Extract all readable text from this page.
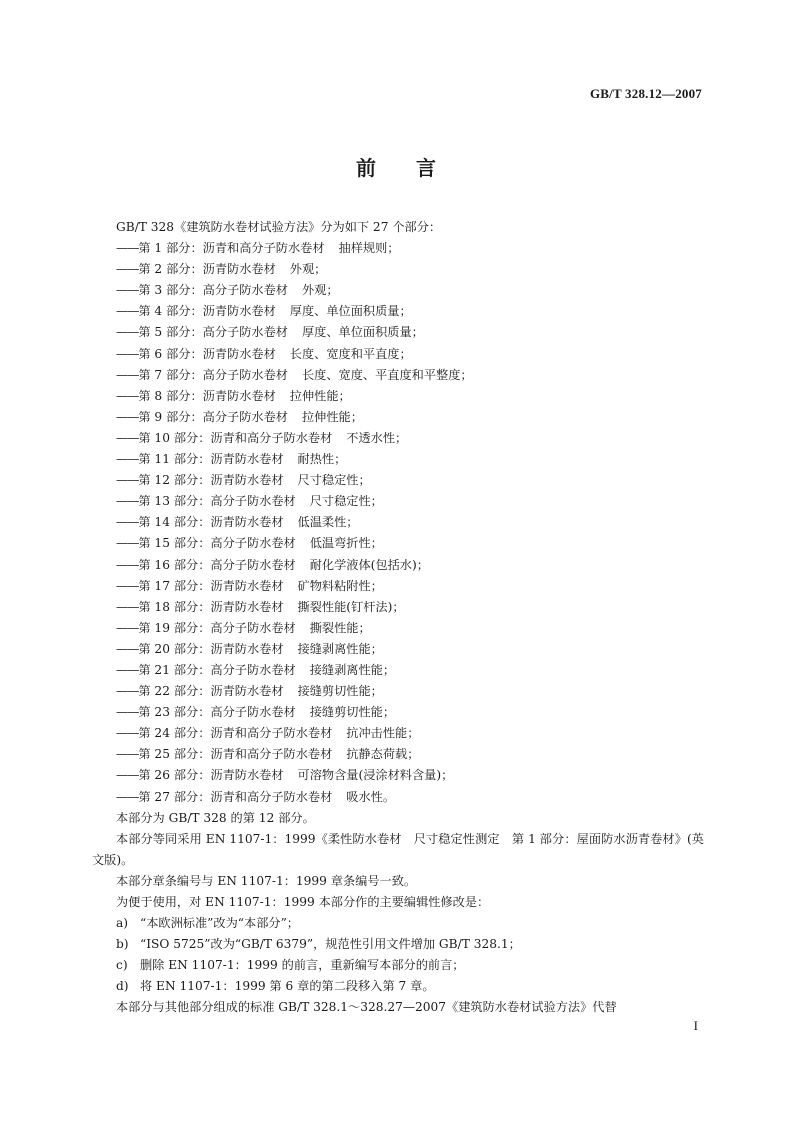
GB/T 328.12—2007
前 言

GB/T 328《建筑防水卷材试验方法》分为如下 27 个部分：

——第 1 部分：沥青和高分子防水卷材 抽样规则；

——第 2 部分：沥青防水卷材 外观；

——第 3 部分：高分子防水卷材 外观；

——第 4 部分：沥青防水卷材 厚度、单位面积质量；

——第 5 部分：高分子防水卷材 厚度、单位面积质量；

——第 6 部分：沥青防水卷材 长度、宽度和平直度；

——第 7 部分：高分子防水卷材 长度、宽度、平直度和平整度；

——第 8 部分：沥青防水卷材 拉伸性能；

——第 9 部分：高分子防水卷材 拉伸性能；

——第 10 部分：沥青和高分子防水卷材 不透水性；

——第 11 部分：沥青防水卷材 耐热性；

——第 12 部分：沥青防水卷材 尺寸稳定性；

——第 13 部分：高分子防水卷材 尺寸稳定性；

——第 14 部分：沥青防水卷材 低温柔性；

——第 15 部分：高分子防水卷材 低温弯折性；

——第 16 部分：高分子防水卷材 耐化学液体(包括水)；

——第 17 部分：沥青防水卷材 矿物料粘附性；

——第 18 部分：沥青防水卷材 撕裂性能(钉杆法)；

——第 19 部分：高分子防水卷材 撕裂性能；

——第 20 部分：沥青防水卷材 接缝剥离性能；

——第 21 部分：高分子防水卷材 接缝剥离性能；

——第 22 部分：沥青防水卷材 接缝剪切性能；

——第 23 部分：高分子防水卷材 接缝剪切性能；

——第 24 部分：沥青和高分子防水卷材 抗冲击性能；

——第 25 部分：沥青和高分子防水卷材 抗静态荷载；

——第 26 部分：沥青防水卷材 可溶物含量(浸涂材料含量)；

——第 27 部分：沥青和高分子防水卷材 吸水性。

本部分为 GB/T 328 的第 12 部分。

本部分等同采用 EN 1107-1：1999《柔性防水卷材　尺寸稳定性测定　第 1 部分：屋面防水沥青卷材》(英文版)。

本部分章条编号与 EN 1107-1：1999 章条编号一致。

为便于使用，对 EN 1107-1：1999 本部分作的主要编辑性修改是：

a) “本欧洲标准”改为“本部分”；

b) “ISO 5725”改为“GB/T 6379”，规范性引用文件增加 GB/T 328.1；

c) 删除 EN 1107-1：1999 的前言，重新编写本部分的前言；

d) 将 EN 1107-1：1999 第 6 章的第二段移入第 7 章。

本部分与其他部分组成的标准 GB/T 328.1～328.27—2007《建筑防水卷材试验方法》代替

I
